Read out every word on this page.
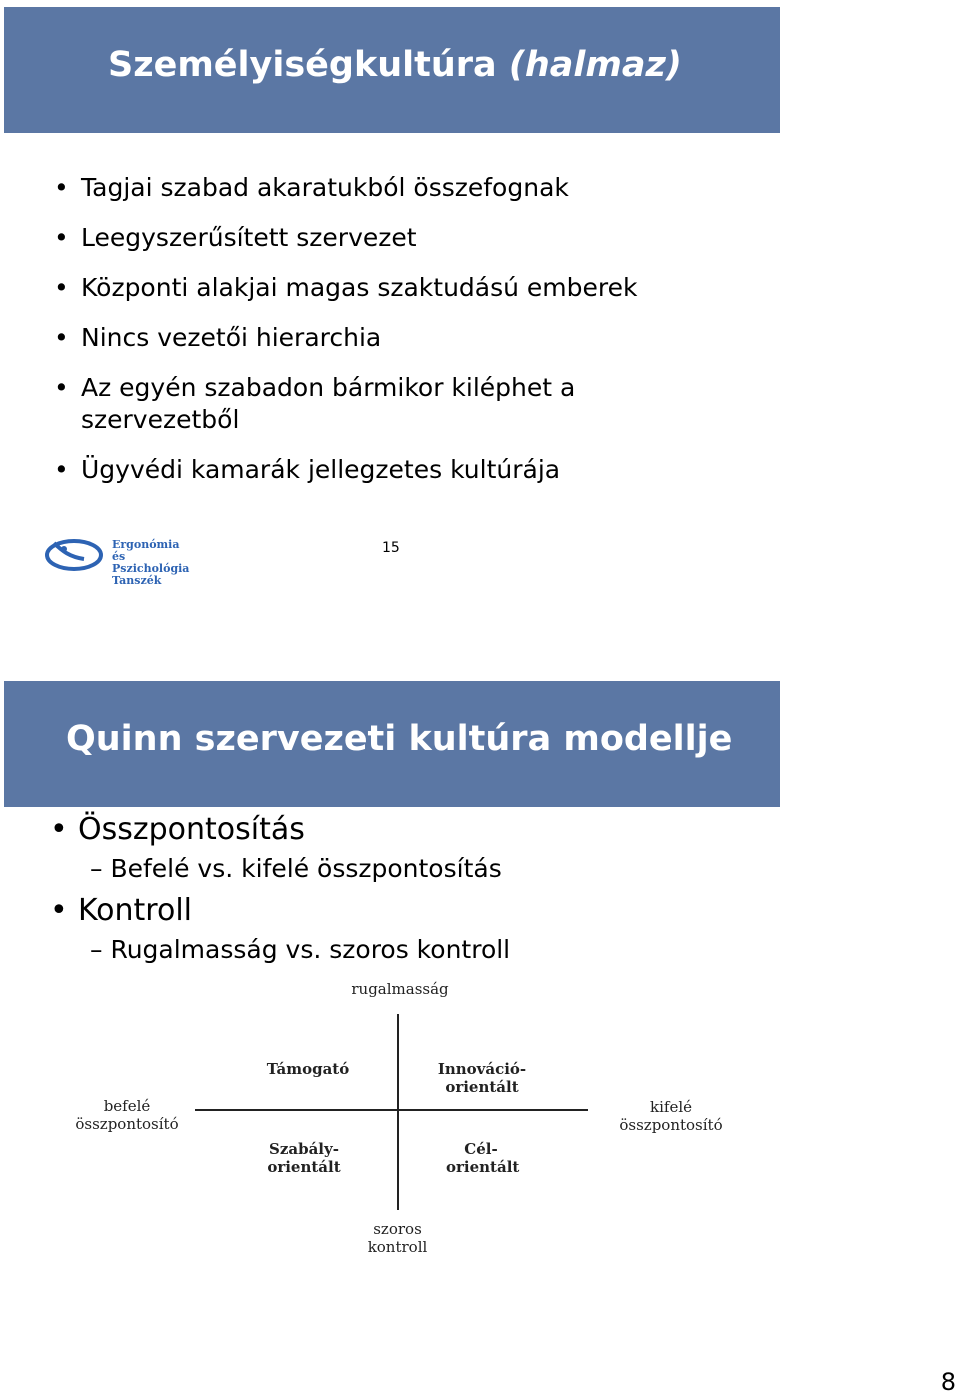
Személyiségkultúra (halmaz)
• Tagjai szabad akaratukból összefognak
• Leegyszerűsített szervezet
• Központi alakjai magas szaktudású emberek
• Nincs vezetői hierarchia
• Az egyén szabadon bármikor kiléphet a szervezetből
• Ügyvédi kamarák jellegzetes kultúrája
Ergonómia és
Pszichológia
Tanszék
15
Quinn szervezeti kultúra modellje
• Összpontosítás
– Befelé vs. kifelé összpontosítás
• Kontroll
– Rugalmasság vs. szoros kontroll
rugalmasság
szoros kontroll
befelé összpontosító
kifelé összpontosító
Támogató	Innováció-orientált
Szabály-orientált
Cél-orientált
8
